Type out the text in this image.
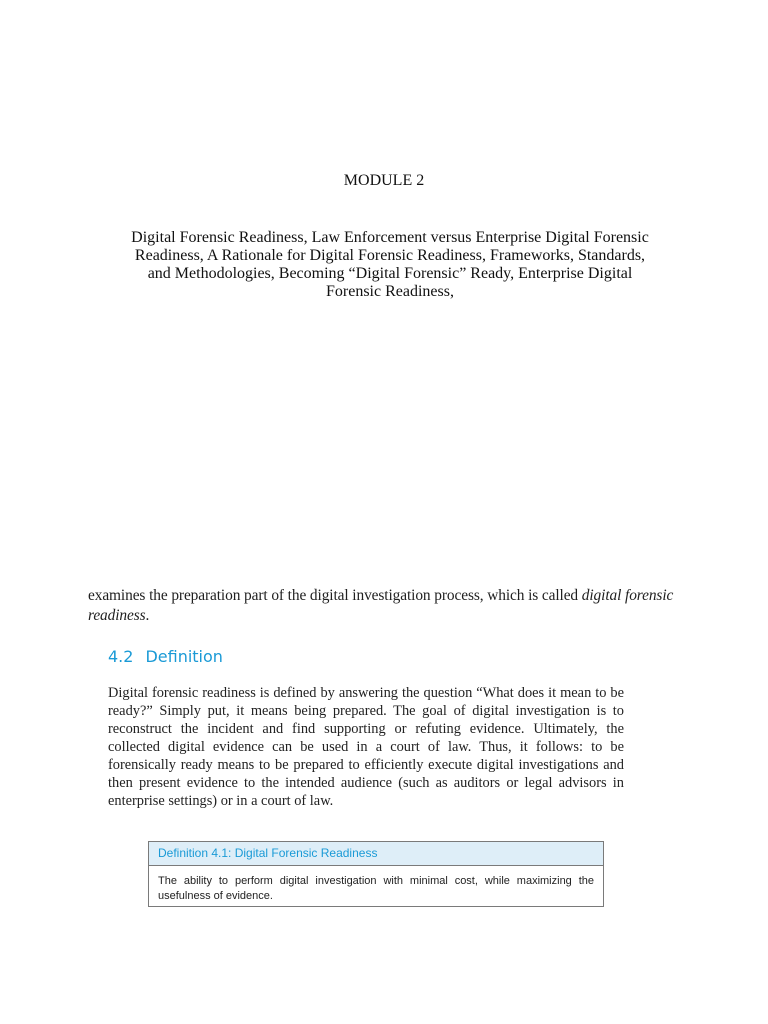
MODULE 2
Digital Forensic Readiness, Law Enforcement versus Enterprise Digital Forensic Readiness, A Rationale for Digital Forensic Readiness, Frameworks, Standards, and Methodologies, Becoming “Digital Forensic” Ready, Enterprise Digital Forensic Readiness,

examines the preparation part of the digital investigation process, which is called digital forensic readiness.

4.2 Definition

Digital forensic readiness is defined by answering the question “What does it mean to be ready?” Simply put, it means being prepared. The goal of digital investigation is to reconstruct the incident and find supporting or refuting evidence. Ultimately, the collected digital evidence can be used in a court of law. Thus, it follows: to be forensically ready means to be prepared to efficiently execute digital investigations and then present evidence to the intended audience (such as auditors or legal advisors in enterprise settings) or in a court of law.

Definition 4.1: Digital Forensic Readiness
The ability to perform digital investigation with minimal cost, while maximizing the usefulness of evidence.
